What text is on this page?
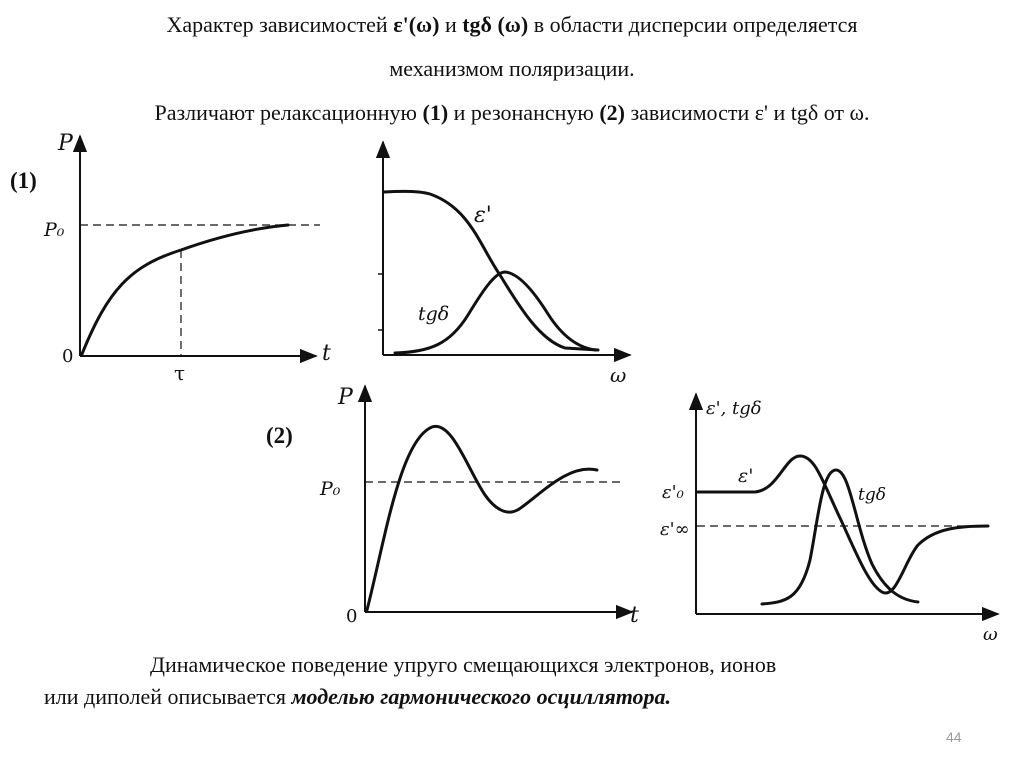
Характер зависимостей ε'(ω) и tgδ (ω) в области дисперсии определяется
механизмом поляризации.
Различают релаксационную (1) и резонансную (2) зависимости ε' и tgδ от ω.
(1)
(2)
P
P₀
0	t
τ
ε'
tgδ
ω
P
P₀
0	t
ε', tgδ
ε'₀
ε'∞
ε'
tgδ
ω
Динамическое поведение упруго смещающихся электронов, ионов
или диполей описывается моделью гармонического осциллятора.
44
